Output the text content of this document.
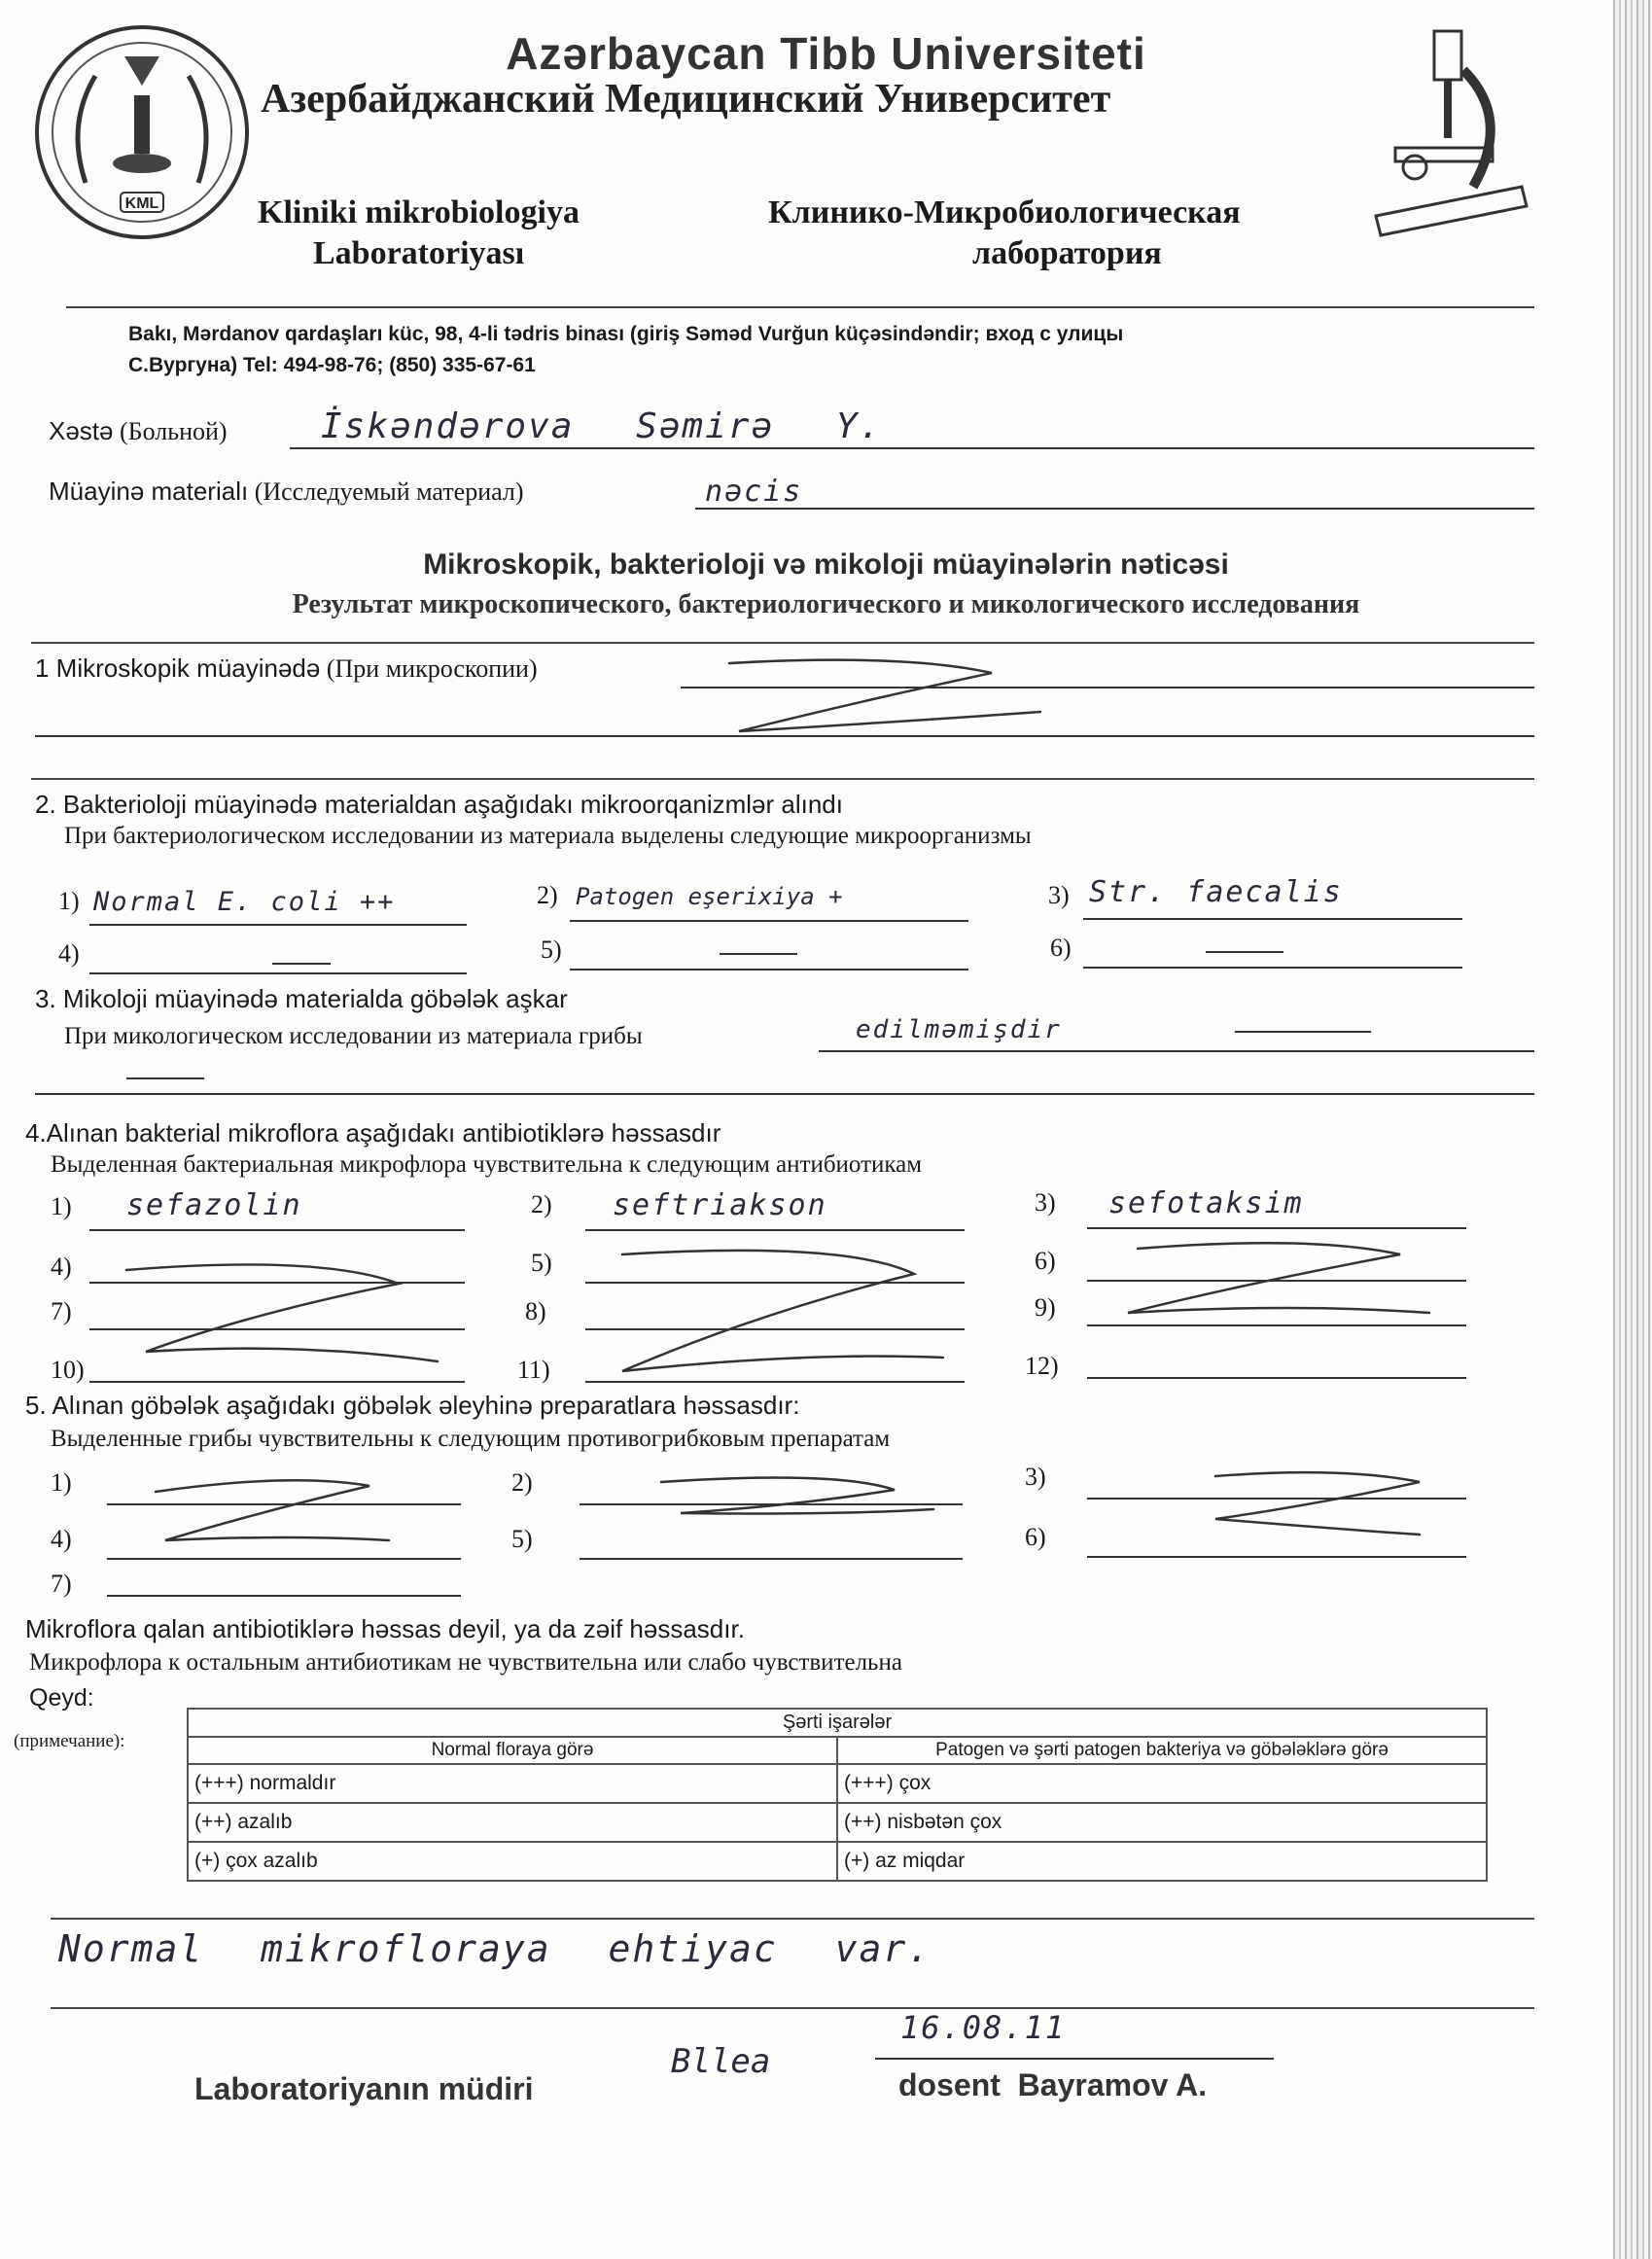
KML
Azərbaycan Tibb Universiteti
Азербайджанский Медицинский Университет
Kliniki mikrobiologiya
Laboratoriyası
Клинико-Микробиологическая
лаборатория
Bakı, Mərdanov qardaşları küc, 98, 4-li tədris binası (giriş Səməd Vurğun küçəsindəndir; вход с улицы
С.Вургуна) Tel: 494-98-76; (850) 335-67-61
Xəstə (Больной)	İskəndərova Səmirə Y.
Müayinə materialı (Исследуемый материал)	nəcis
Mikroskopik, bakterioloji və mikoloji müayinələrin nəticəsi
Результат микроскопического, бактериологического и микологического исследования
1 Mikroskopik müayinədə (При микроскопии)
2. Bakterioloji müayinədə materialdan aşağıdakı mikroorqanizmlər alındı
При бактериологическом исследовании из материала выделены следующие микроорганизмы
1) Normal E. coli ++	2) Patogen eşerixiya +	3) Str. faecalis
4)	5)	6)
3. Mikoloji müayinədə materialda göbələk aşkar
При микологическом исследовании из материала грибы	edilməmişdir
4.Alınan bakterial mikroflora aşağıdakı antibiotiklərə həssasdır
Выделенная бактериальная микрофлора чувствительна к следующим антибиотикам
1) sefazolin	2) seftriakson	3) sefotaksim
4)	5)	6)
7)	8)	9)
10)	11)	12)
5. Alınan göbələk aşağıdakı göbələk əleyhinə preparatlara həssasdır:
Выделенные грибы чувствительны к следующим противогрибковым препаратам
1)	2)	3)
4)	5)	6)
7)
Mikroflora qalan antibiotiklərə həssas deyil, ya da zəif həssasdır.
Микрофлора к остальным антибиотикам не чувствительна или слабо чувствительна
Qeyd:
(примечание):
Şərti işarələr	
Normal floraya görə	Patogen və şərti patogen bakteriya və göbələklərə görə
(+++) normaldır	(+++) çox
(++) azalıb	(++) nisbətən çox
(+) çox azalıb	(+) az miqdar
Normal mikrofloraya ehtiyac var.
16.08.11
Laboratoriyanın müdiri
Bllea
dosent  Bayramov A.
